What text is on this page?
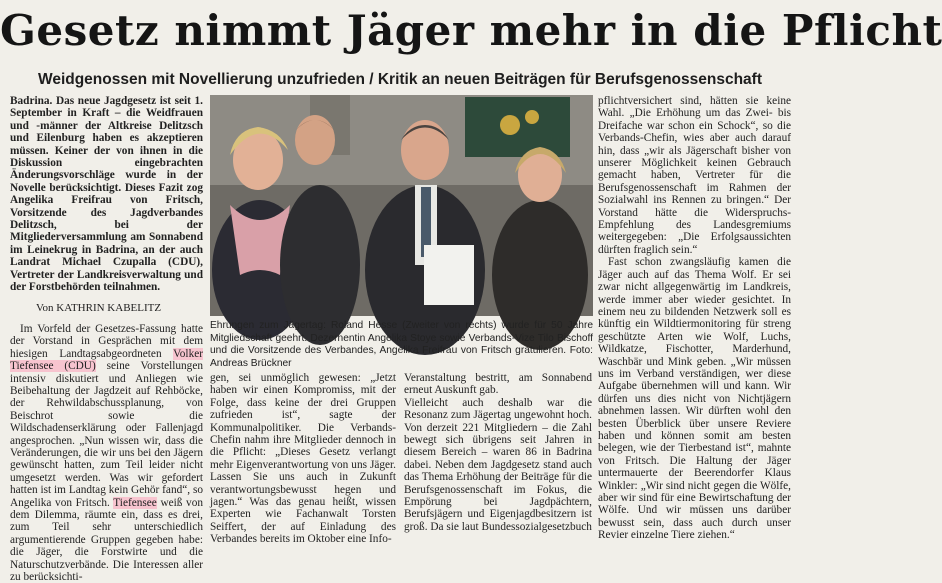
Gesetz nimmt Jäger mehr in die Pflicht
Weidgenossen mit Novellierung unzufrieden / Kritik an neuen Beiträgen für Berufsgenossenschaft

Badrina. Das neue Jagdgesetz ist seit 1. September in Kraft – die Weidfrauen und -männer der Altkreise Delitzsch und Eilenburg haben es akzeptieren müssen. Keiner der von ihnen in die Diskussion eingebrachten Änderungsvorschläge wurde in der Novelle berücksichtigt. Dieses Fazit zog Angelika Freifrau von Fritsch, Vorsitzende des Jagdverbandes Delitzsch, bei der Mitgliederversammlung am Sonnabend im Leinekrug in Badrina, an der auch Landrat Michael Czupalla (CDU), Vertreter der Landkreisverwaltung und der Forstbehörden teilnahmen.

Von KATHRIN KABELITZ

Im Vorfeld der Gesetzes-Fassung hatte der Vorstand in Gesprächen mit dem hiesigen Landtagsabgeordneten Volker Tiefensee (CDU) seine Vorstellungen intensiv diskutiert und Anliegen wie Beibehaltung der Jagdzeit auf Rehböcke, der Rehwildabschussplanung, von Beischrot sowie die Wildschadenserklärung oder Fallenjagd angesprochen. „Nun wissen wir, dass die Veränderungen, die wir uns bei den Jägern gewünscht hatten, zum Teil leider nicht umgesetzt werden. Was wir gefordert hatten ist im Landtag kein Gehör fand“, so Angelika von Fritsch. Tiefensee weiß von dem Dilemma, räumte ein, dass es drei, zum Teil sehr unterschiedlich argumentierende Gruppen gegeben habe: die Jäger, die Forstwirte und die Naturschutzverbände. Die Interessen aller zu berücksichti-

Ehrungen zum Jägertag: Roland Hesse (Zweiter von rechts) wurde für 50 Jahre Mitgliedschaft geehrt. Dezernentin Angelika Stoye sowie Verbands-Vize Tilo Bischoff und die Vorsitzende des Verbandes, Angelika Freifrau von Fritsch gratulieren. Foto: Andreas Brückner

gen, sei unmöglich gewesen: „Jetzt haben wir einen Kompromiss, mit der Folge, dass keine der drei Gruppen zufrieden ist“, sagte der Kommunalpolitiker. Die Verbands-Chefin nahm ihre Mitglieder dennoch in die Pflicht: „Dieses Gesetz verlangt mehr Eigenverantwortung von uns Jäger. Lassen Sie uns auch in Zukunft verantwortungsbewusst hegen und jagen.“ Was das genau heißt, wissen Experten wie Fachanwalt Torsten Seiffert, der auf Einladung des Verbandes bereits im Oktober eine Info-

Veranstaltung bestritt, am Sonnabend erneut Auskunft gab.
Vielleicht auch deshalb war die Resonanz zum Jägertag ungewohnt hoch. Von derzeit 221 Mitgliedern – die Zahl bewegt sich übrigens seit Jahren in diesem Bereich – waren 86 in Badrina dabei. Neben dem Jagdgesetz stand auch das Thema Erhöhung der Beiträge für die Berufsgenossenschaft im Fokus, die Empörung bei Jagdpächtern, Berufsjägern und Eigenjagdbesitzern ist groß. Da sie laut Bundessozialgesetzbuch

pflichtversichert sind, hätten sie keine Wahl. „Die Erhöhung um das Zwei- bis Dreifache war schon ein Schock“, so die Verbands-Chefin, wies aber auch darauf hin, dass „wir als Jägerschaft bisher von unserer Möglichkeit keinen Gebrauch gemacht haben, Vertreter für die Berufsgenossenschaft im Rahmen der Sozialwahl ins Rennen zu bringen.“ Der Vorstand hätte die Widerspruchs-Empfehlung des Landesgremiums weitergegeben: „Die Erfolgsaussichten dürften fraglich sein.“

Fast schon zwangsläufig kamen die Jäger auch auf das Thema Wolf. Er sei zwar nicht allgegenwärtig im Landkreis, werde immer aber wieder gesichtet. In einem neu zu bildenden Netzwerk soll es künftig ein Wildtiermonitoring für streng geschützte Arten wie Wolf, Luchs, Wildkatze, Fischotter, Marderhund, Waschbär und Mink geben. „Wir müssen uns im Verband verständigen, wer diese Aufgabe übernehmen will und kann. Wir dürfen uns dies nicht von Nichtjägern abnehmen lassen. Wir dürften wohl den besten Überblick über unsere Reviere haben und können somit am besten belegen, wie der Tierbestand ist“, mahnte von Fritsch. Die Haltung der Jäger untermauerte der Beerendorfer Klaus Winkler: „Wir sind nicht gegen die Wölfe, aber wir sind für eine Bewirtschaftung der Wölfe. Und wir müssen uns darüber bewusst sein, dass auch durch unser Revier einzelne Tiere ziehen.“
